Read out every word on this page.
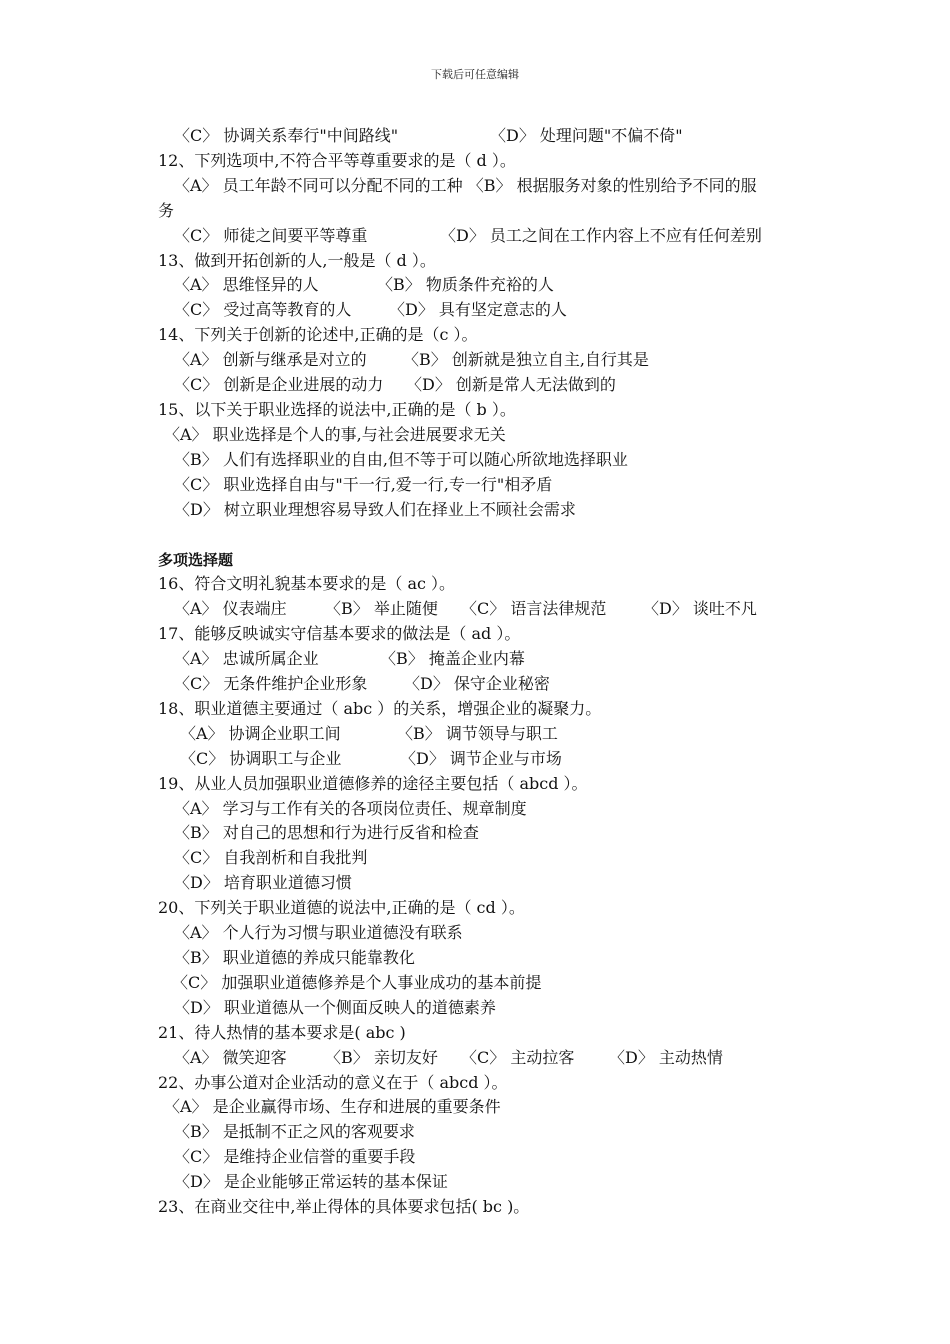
下载后可任意编辑
〈C〉 协调关系奉行"中间路线"	〈D〉 处理问题"不偏不倚"
12、下列选项中,不符合平等尊重要求的是（ d ）。
〈A〉 员工年龄不同可以分配不同的工种 〈B〉 根据服务对象的性别给予不同的服
务
〈C〉 师徒之间要平等尊重	〈D〉 员工之间在工作内容上不应有任何差别
13、做到开拓创新的人,一般是（ d ）。
〈A〉 思维怪异的人	〈B〉 物质条件充裕的人
〈C〉 受过高等教育的人	〈D〉 具有坚定意志的人
14、下列关于创新的论述中,正确的是（c ）。
〈A〉 创新与继承是对立的	〈B〉 创新就是独立自主,自行其是
〈C〉 创新是企业进展的动力	〈D〉 创新是常人无法做到的
15、以下关于职业选择的说法中,正确的是（ b ）。
〈A〉 职业选择是个人的事,与社会进展要求无关
〈B〉 人们有选择职业的自由,但不等于可以随心所欲地选择职业
〈C〉 职业选择自由与"干一行,爱一行,专一行"相矛盾
〈D〉 树立职业理想容易导致人们在择业上不顾社会需求
多项选择题
16、符合文明礼貌基本要求的是（ ac ）。
〈A〉 仪表端庄	〈B〉 举止随便	〈C〉 语言法律规范	〈D〉 谈吐不凡
17、能够反映诚实守信基本要求的做法是（ ad ）。
〈A〉 忠诚所属企业	〈B〉 掩盖企业内幕
〈C〉 无条件维护企业形象	〈D〉 保守企业秘密
18、职业道德主要通过（ abc ）的关系，增强企业的凝聚力。
〈A〉 协调企业职工间	〈B〉 调节领导与职工
〈C〉 协调职工与企业	〈D〉 调节企业与市场
19、从业人员加强职业道德修养的途径主要包括（ abcd ）。
〈A〉 学习与工作有关的各项岗位责任、规章制度
〈B〉 对自己的思想和行为进行反省和检查
〈C〉 自我剖析和自我批判
〈D〉 培育职业道德习惯
20、下列关于职业道德的说法中,正确的是（ cd ）。
〈A〉 个人行为习惯与职业道德没有联系
〈B〉 职业道德的养成只能靠教化
〈C〉 加强职业道德修养是个人事业成功的基本前提
〈D〉 职业道德从一个侧面反映人的道德素养
21、待人热情的基本要求是( abc )
〈A〉 微笑迎客	〈B〉 亲切友好	〈C〉 主动拉客	〈D〉 主动热情
22、办事公道对企业活动的意义在于（ abcd ）。
〈A〉 是企业赢得市场、生存和进展的重要条件
〈B〉 是抵制不正之风的客观要求
〈C〉 是维持企业信誉的重要手段
〈D〉 是企业能够正常运转的基本保证
23、在商业交往中,举止得体的具体要求包括( bc )。
